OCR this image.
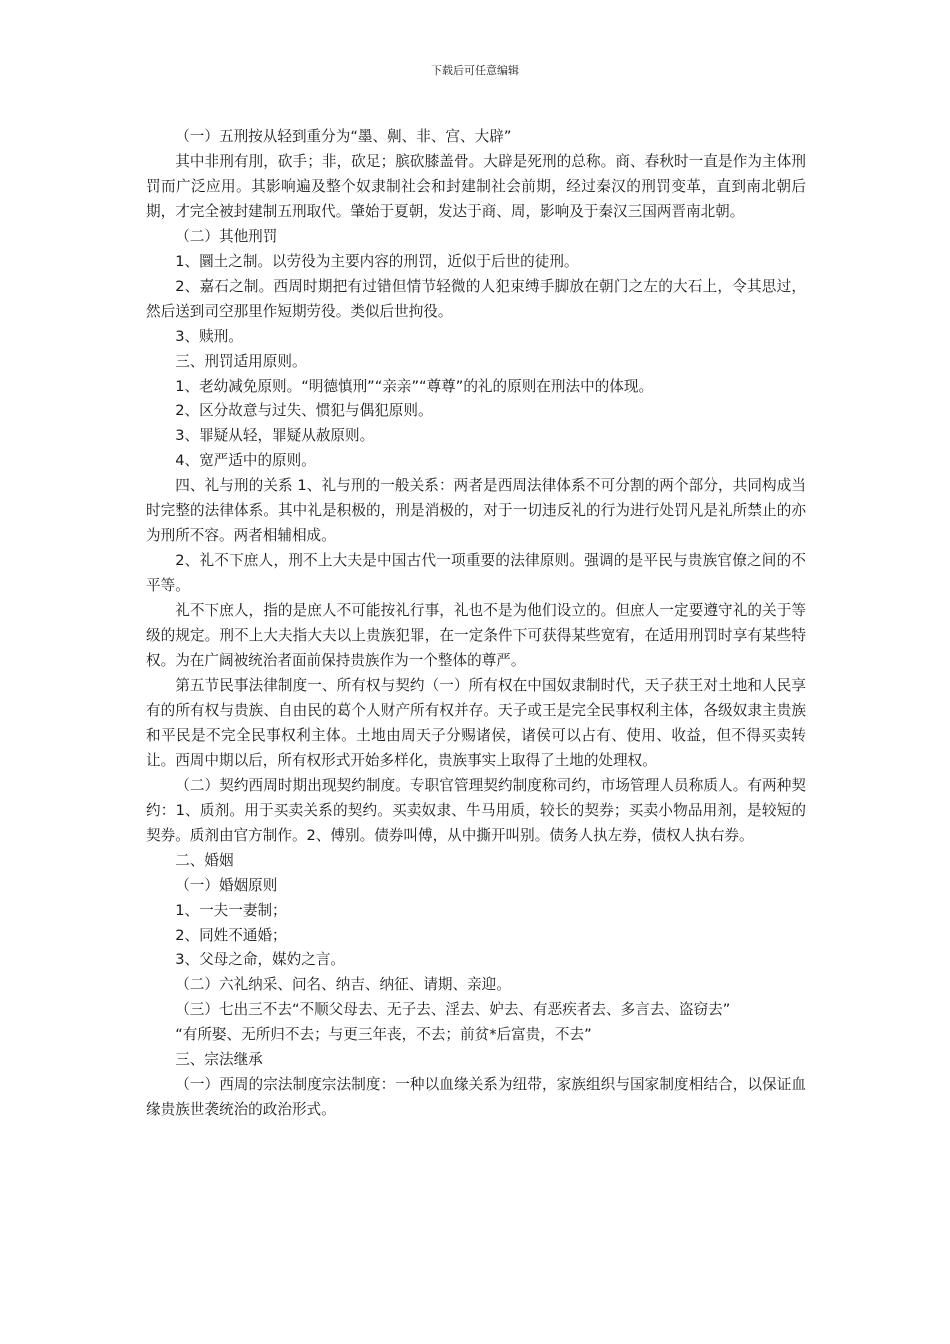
下载后可任意编辑

（一）五刑按从轻到重分为“墨、劓、非、宫、大辟”

其中非刑有刖，砍手；非，砍足；膑砍膝盖骨。大辟是死刑的总称。商、春秋时一直是作为主体刑罚而广泛应用。其影响遍及整个奴隶制社会和封建制社会前期，经过秦汉的刑罚变革，直到南北朝后期，才完全被封建制五刑取代。肇始于夏朝，发达于商、周，影响及于秦汉三国两晋南北朝。

（二）其他刑罚

1、圜土之制。以劳役为主要内容的刑罚，近似于后世的徒刑。

2、嘉石之制。西周时期把有过错但情节轻微的人犯束缚手脚放在朝门之左的大石上，令其思过，然后送到司空那里作短期劳役。类似后世拘役。

3、赎刑。

三、刑罚适用原则。

1、老幼减免原则。“明德慎刑”“亲亲”“尊尊”的礼的原则在刑法中的体现。

2、区分故意与过失、惯犯与偶犯原则。

3、罪疑从轻，罪疑从赦原则。

4、宽严适中的原则。

四、礼与刑的关系 1、礼与刑的一般关系：两者是西周法律体系不可分割的两个部分，共同构成当时完整的法律体系。其中礼是积极的，刑是消极的，对于一切违反礼的行为进行处罚凡是礼所禁止的亦为刑所不容。两者相辅相成。

2、礼不下庶人，刑不上大夫是中国古代一项重要的法律原则。强调的是平民与贵族官僚之间的不平等。

礼不下庶人，指的是庶人不可能按礼行事，礼也不是为他们设立的。但庶人一定要遵守礼的关于等级的规定。刑不上大夫指大夫以上贵族犯罪，在一定条件下可获得某些宽宥，在适用刑罚时享有某些特权。为在广阔被统治者面前保持贵族作为一个整体的尊严。

第五节民事法律制度一、所有权与契约（一）所有权在中国奴隶制时代，天子获王对土地和人民享有的所有权与贵族、自由民的葛个人财产所有权并存。天子或王是完全民事权利主体，各级奴隶主贵族和平民是不完全民事权利主体。土地由周天子分赐诸侯，诸侯可以占有、使用、收益，但不得买卖转让。西周中期以后，所有权形式开始多样化，贵族事实上取得了土地的处理权。

（二）契约西周时期出现契约制度。专职官管理契约制度称司约，市场管理人员称质人。有两种契约：1、质剂。用于买卖关系的契约。买卖奴隶、牛马用质，较长的契券；买卖小物品用剂，是较短的契券。质剂由官方制作。2、傅别。债券叫傅，从中撕开叫别。债务人执左券，债权人执右券。

二、婚姻

（一）婚姻原则

1、一夫一妻制；

2、同姓不通婚；

3、父母之命，媒妁之言。

（二）六礼纳采、问名、纳吉、纳征、请期、亲迎。

（三）七出三不去“不顺父母去、无子去、淫去、妒去、有恶疾者去、多言去、盗窃去”

“有所娶、无所归不去；与更三年丧，不去；前贫*后富贵，不去”

三、宗法继承

（一）西周的宗法制度宗法制度：一种以血缘关系为纽带，家族组织与国家制度相结合，以保证血缘贵族世袭统治的政治形式。
